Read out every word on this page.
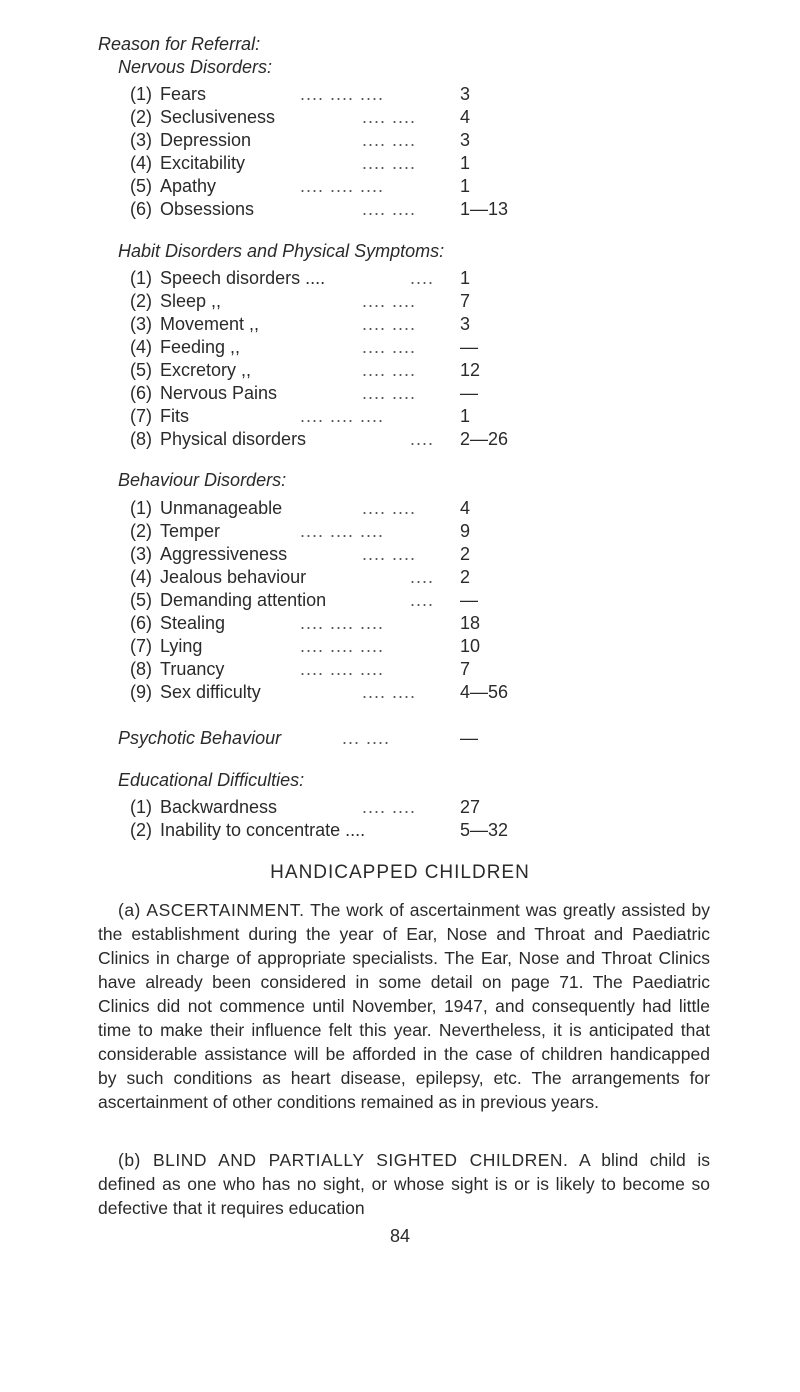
Reason for Referral:
Nervous Disorders:
(1) Fears	.... .... ....	3
(2) Seclusiveness	.... .... 4
(3) Depression	.... .... 3
(4) Excitability	.... .... 1
(5) Apathy	.... .... ....	1
(6) Obsessions	.... .... 1—13
Habit Disorders and Physical Symptoms:
(1) Speech disorders ....	.... 1
(2) Sleep ,,	.... .... 7
(3) Movement ,,	.... .... 3
(4) Feeding ,,	.... .... —
(5) Excretory ,,	.... .... 12
(6) Nervous Pains	.... .... —
(7) Fits	.... .... ....	1
(8) Physical disorders	.... 2—26
Behaviour Disorders:
(1) Unmanageable	.... .... 4
(2) Temper	.... .... ....	9
(3) Aggressiveness	.... .... 2
(4) Jealous behaviour	.... 2
(5) Demanding attention	.... —
(6) Stealing	.... .... ....	18
(7) Lying	.... .... ....	10
(8) Truancy	.... .... ....	7
(9) Sex difficulty	.... .... 4—56
Psychotic Behaviour	... ....	—
Educational Difficulties:
(1) Backwardness	.... .... 27
(2) Inability to concentrate ....	5—32
HANDICAPPED CHILDREN
(a) ASCERTAINMENT. The work of ascertainment was greatly assisted by the establishment during the year of Ear, Nose and Throat and Paediatric Clinics in charge of appropriate specialists. The Ear, Nose and Throat Clinics have already been considered in some detail on page 71. The Paediatric Clinics did not commence until November, 1947, and consequently had little time to make their influence felt this year. Nevertheless, it is anticipated that considerable assistance will be afforded in the case of children handicapped by such conditions as heart disease, epilepsy, etc. The arrangements for ascertainment of other conditions remained as in previous years.
(b) BLIND AND PARTIALLY SIGHTED CHILDREN. A blind child is defined as one who has no sight, or whose sight is or is likely to become so defective that it requires education
84
